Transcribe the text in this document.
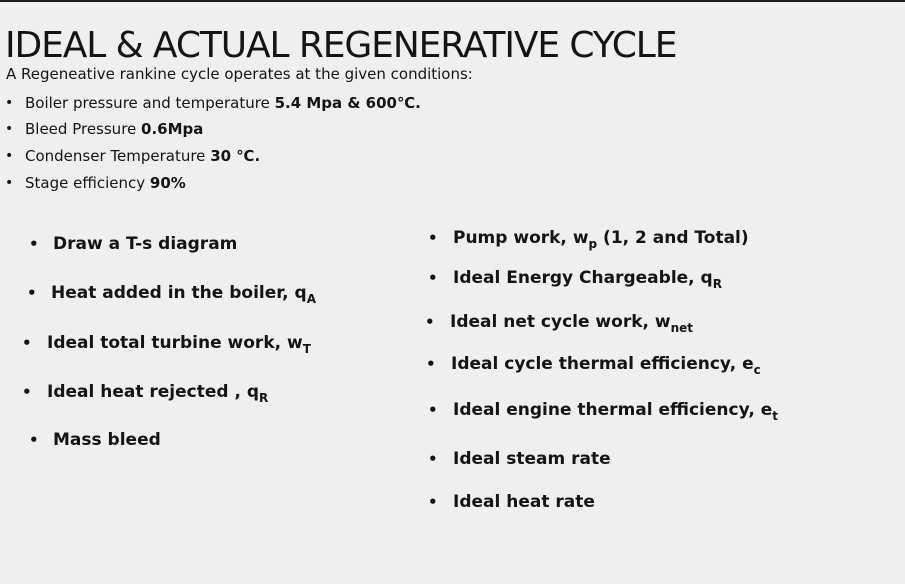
IDEAL & ACTUAL REGENERATIVE CYCLE
A Regeneative rankine cycle operates at the given conditions:
• Boiler pressure and temperature 5.4 Mpa & 600℃.
• Bleed Pressure 0.6Mpa
• Condenser Temperature 30 ℃.
• Stage efficiency 90%
• Draw a T-s diagram
• Heat added in the boiler, $q_A$
• Ideal total turbine work, $w_T$
• Ideal heat rejected , $q_R$
• Mass bleed
• Pump work, $w_p$ (1, 2 and Total)
• Ideal Energy Chargeable, $q_R$
• Ideal net cycle work, $w_{net}$
• Ideal cycle thermal efficiency, $e_c$
• Ideal engine thermal efficiency, $e_t$
• Ideal steam rate
• Ideal heat rate
